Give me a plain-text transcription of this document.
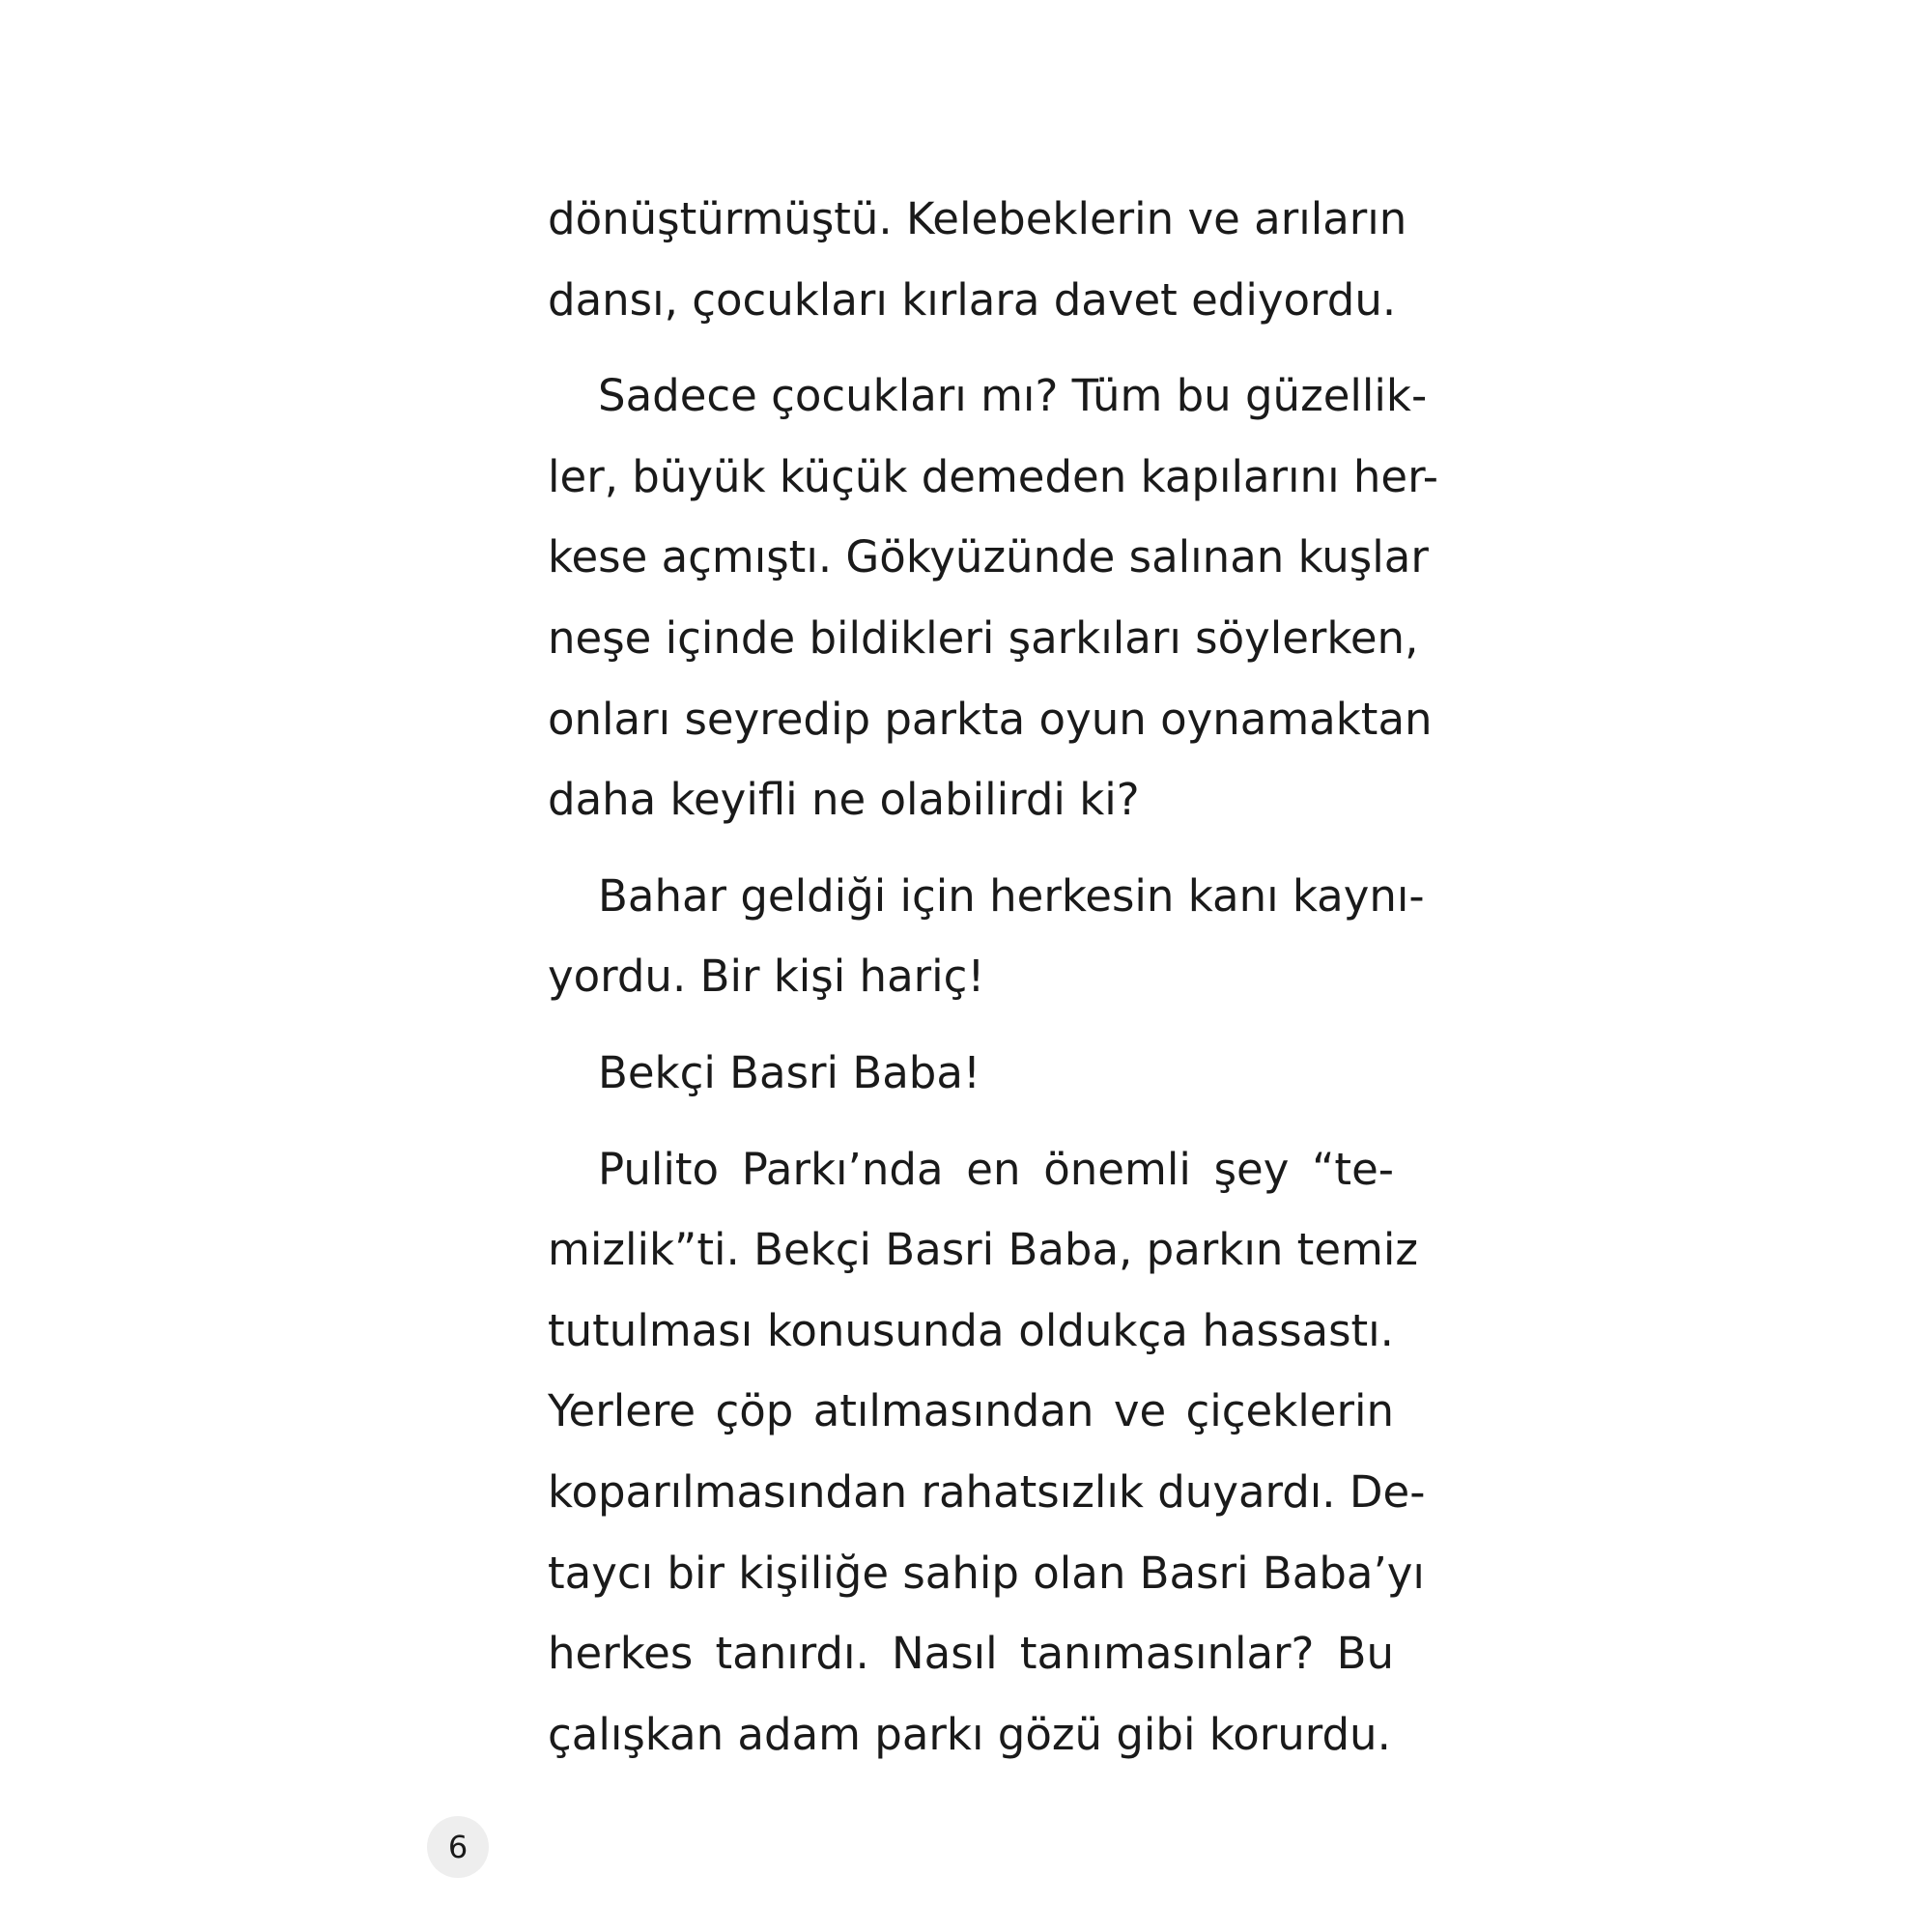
dönüştürmüştü. Kelebeklerin ve arıların
dansı, çocukları kırlara davet ediyordu.
Sadece çocukları mı? Tüm bu güzellik-
ler, büyük küçük demeden kapılarını her-
kese açmıştı. Gökyüzünde salınan kuşlar
neşe içinde bildikleri şarkıları söylerken,
onları seyredip parkta oyun oynamaktan
daha keyifli ne olabilirdi ki?
Bahar geldiği için herkesin kanı kaynı-
yordu. Bir kişi hariç!
Bekçi Basri Baba!
Pulito Parkı’nda en önemli şey “te-
mizlik”ti. Bekçi Basri Baba, parkın temiz
tutulması konusunda oldukça hassastı.
Yerlere çöp atılmasından ve çiçeklerin
koparılmasından rahatsızlık duyardı. De-
taycı bir kişiliğe sahip olan Basri Baba’yı
herkes tanırdı. Nasıl tanımasınlar? Bu
çalışkan adam parkı gözü gibi korurdu.
6
